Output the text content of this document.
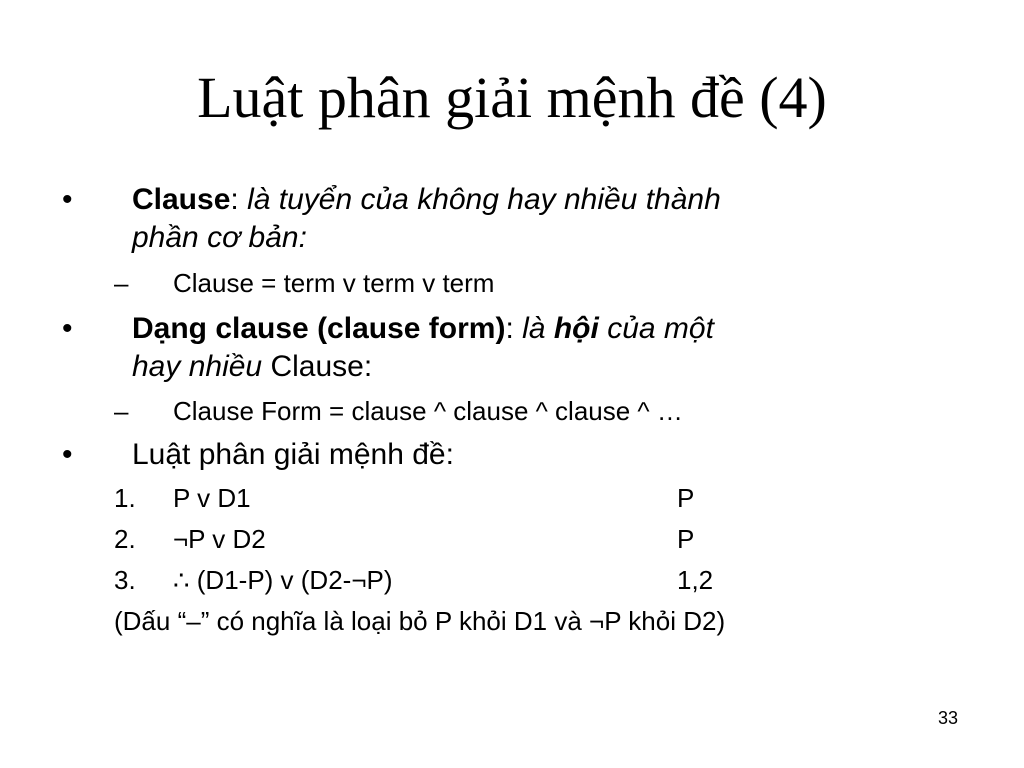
Luật phân giải mệnh đề (4)
• Clause: là tuyển của không hay nhiều thành
phần cơ bản:
– Clause = term v term v term
• Dạng clause (clause form): là hội của một
hay nhiều Clause:
– Clause Form = clause ^ clause ^ clause ^ …
• Luật phân giải mệnh đề:
1. P v D1	P
2. ¬P v D2	P
3. ∴ (D1-P) v (D2-¬P)	1,2
(Dấu “–” có nghĩa là loại bỏ P khỏi D1 và ¬P khỏi D2)
33
